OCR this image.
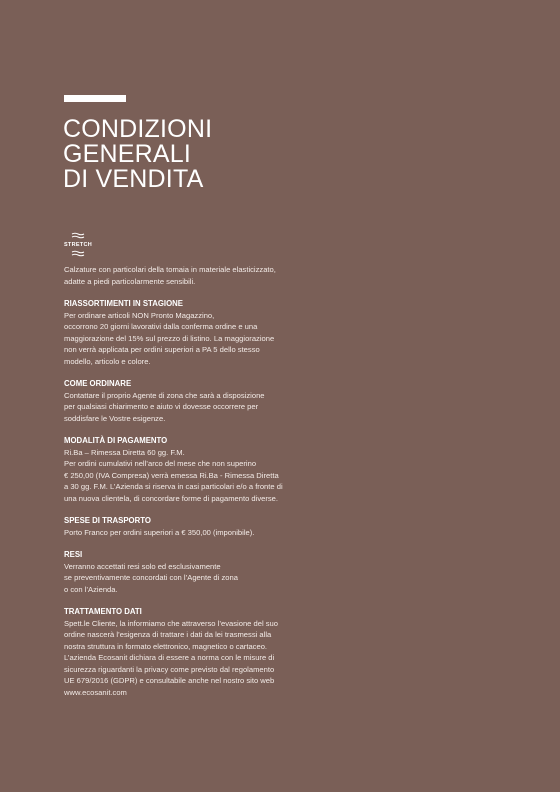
CONDIZIONI
GENERALI
DI VENDITA
STRETCH

Calzature con particolari della tomaia in materiale elasticizzato,
adatte a piedi particolarmente sensibili.

RIASSORTIMENTI IN STAGIONE

Per ordinare articoli NON Pronto Magazzino,
occorrono 20 giorni lavorativi dalla conferma ordine e una
maggiorazione del 15% sul prezzo di listino. La maggiorazione
non verrà applicata per ordini superiori a PA 5 dello stesso
modello, articolo e colore.

COME ORDINARE

Contattare il proprio Agente di zona che sarà a disposizione
per qualsiasi chiarimento e aiuto vi dovesse occorrere per
soddisfare le Vostre esigenze.

MODALITÀ DI PAGAMENTO

Ri.Ba – Rimessa Diretta 60 gg. F.M.
Per ordini cumulativi nell’arco del mese che non superino
€ 250,00 (IVA Compresa) verrà emessa Ri.Ba - Rimessa Diretta
a 30 gg. F.M. L’Azienda si riserva in casi particolari e/o a fronte di
una nuova clientela, di concordare forme di pagamento diverse.

SPESE DI TRASPORTO

Porto Franco per ordini superiori a € 350,00 (imponibile).

RESI

Verranno accettati resi solo ed esclusivamente
se preventivamente concordati con l’Agente di zona
o con l’Azienda.

TRATTAMENTO DATI

Spett.le Cliente, la informiamo che attraverso l’evasione del suo
ordine nascerà l’esigenza di trattare i dati da lei trasmessi alla
nostra struttura in formato elettronico, magnetico o cartaceo.
L’azienda Ecosanit dichiara di essere a norma con le misure di
sicurezza riguardanti la privacy come previsto dal regolamento
UE 679/2016 (GDPR) e consultabile anche nel nostro sito web
www.ecosanit.com
